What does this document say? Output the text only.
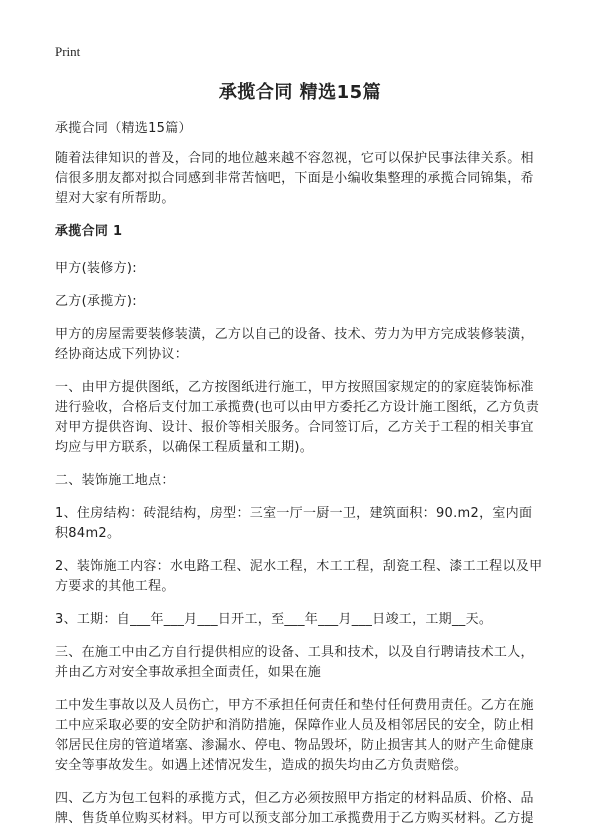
Print
承揽合同 精选15篇

承揽合同（精选15篇）

随着法律知识的普及，合同的地位越来越不容忽视，它可以保护民事法律关系。相信很多朋友都对拟合同感到非常苦恼吧，下面是小编收集整理的承揽合同锦集，希望对大家有所帮助。

承揽合同 1

甲方(装修方):

乙方(承揽方):

甲方的房屋需要装修装潢，乙方以自己的设备、技术、劳力为甲方完成装修装潢，经协商达成下列协议：

一、由甲方提供图纸，乙方按图纸进行施工，甲方按照国家规定的的家庭装饰标准进行验收，合格后支付加工承揽费(也可以由甲方委托乙方设计施工图纸，乙方负责对甲方提供咨询、设计、报价等相关服务。合同签订后，乙方关于工程的相关事宜均应与甲方联系，以确保工程质量和工期)。

二、装饰施工地点：

1、住房结构：砖混结构，房型：三室一厅一厨一卫，建筑面积：90.m2，室内面积84m2。

2、装饰施工内容：水电路工程、泥水工程，木工工程，刮瓷工程、漆工工程以及甲方要求的其他工程。

3、工期：自___年___月___日开工，至___年___月___日竣工，工期__天。

三、在施工中由乙方自行提供相应的设备、工具和技术，以及自行聘请技术工人，并由乙方对安全事故承担全面责任，如果在施

工中发生事故以及人员伤亡，甲方不承担任何责任和垫付任何费用责任。乙方在施工中应采取必要的安全防护和消防措施，保障作业人员及相邻居民的安全，防止相邻居民住房的管道堵塞、渗漏水、停电、物品毁坏，防止损害其人的财产生命健康安全等事故发生。如遇上述情况发生，造成的损失均由乙方负责赔偿。

四、乙方为包工包料的承揽方式，但乙方必须按照甲方指定的材料品质、价格、品牌、售货单位购买材料。甲方可以预支部分加工承揽费用于乙方购买材料。乙方提
